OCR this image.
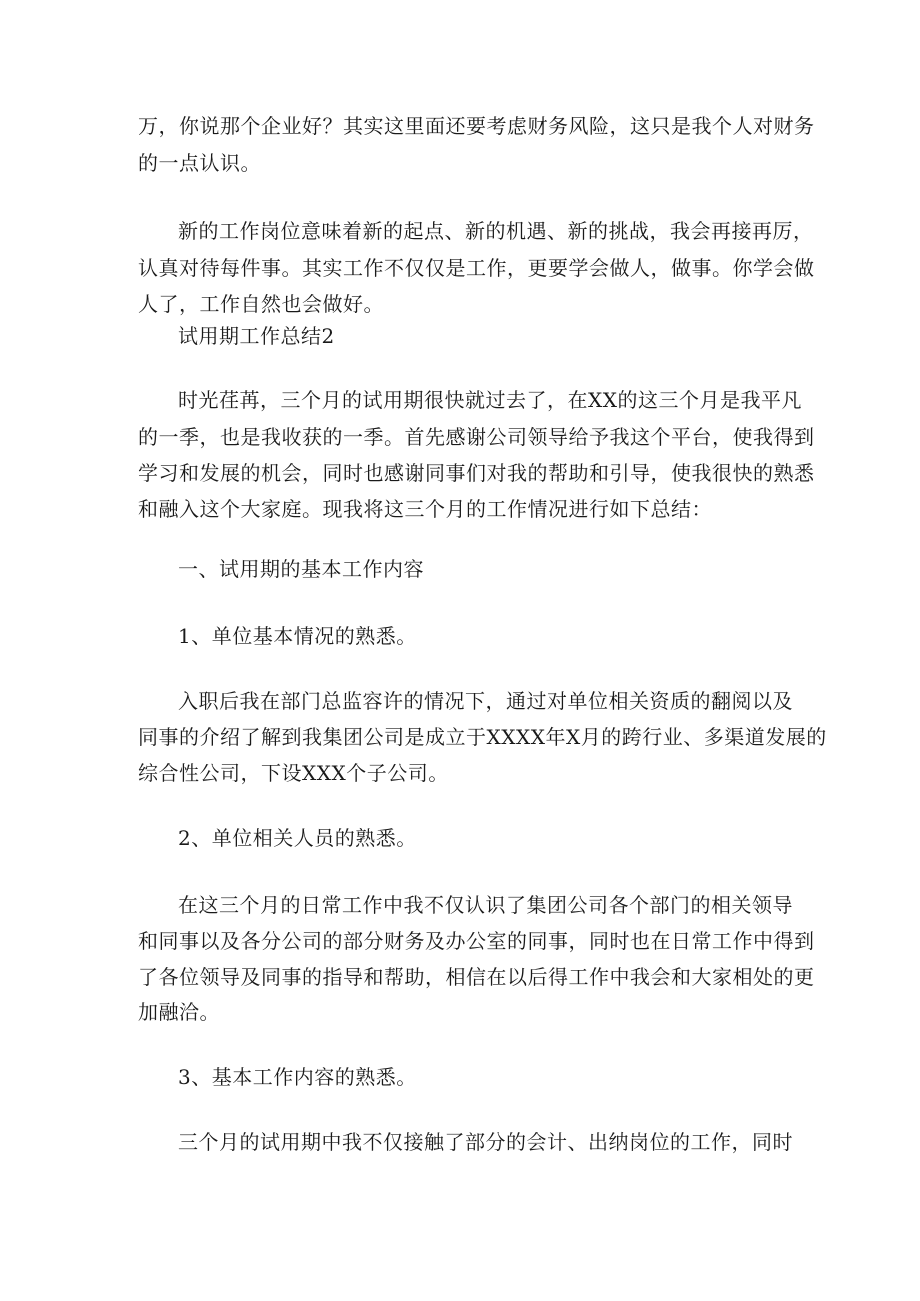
万，你说那个企业好？其实这里面还要考虑财务风险，这只是我个人对财务
的一点认识。
新的工作岗位意味着新的起点、新的机遇、新的挑战，我会再接再厉，
认真对待每件事。其实工作不仅仅是工作，更要学会做人，做事。你学会做
人了，工作自然也会做好。
试用期工作总结2
时光荏苒，三个月的试用期很快就过去了，在XX的这三个月是我平凡
的一季，也是我收获的一季。首先感谢公司领导给予我这个平台，使我得到
学习和发展的机会，同时也感谢同事们对我的帮助和引导，使我很快的熟悉
和融入这个大家庭。现我将这三个月的工作情况进行如下总结：
一、试用期的基本工作内容
1、单位基本情况的熟悉。
入职后我在部门总监容许的情况下，通过对单位相关资质的翻阅以及
同事的介绍了解到我集团公司是成立于XXXX年X月的跨行业、多渠道发展的
综合性公司，下设XXX个子公司。
2、单位相关人员的熟悉。
在这三个月的日常工作中我不仅认识了集团公司各个部门的相关领导
和同事以及各分公司的部分财务及办公室的同事，同时也在日常工作中得到
了各位领导及同事的指导和帮助，相信在以后得工作中我会和大家相处的更
加融洽。
3、基本工作内容的熟悉。
三个月的试用期中我不仅接触了部分的会计、出纳岗位的工作，同时
